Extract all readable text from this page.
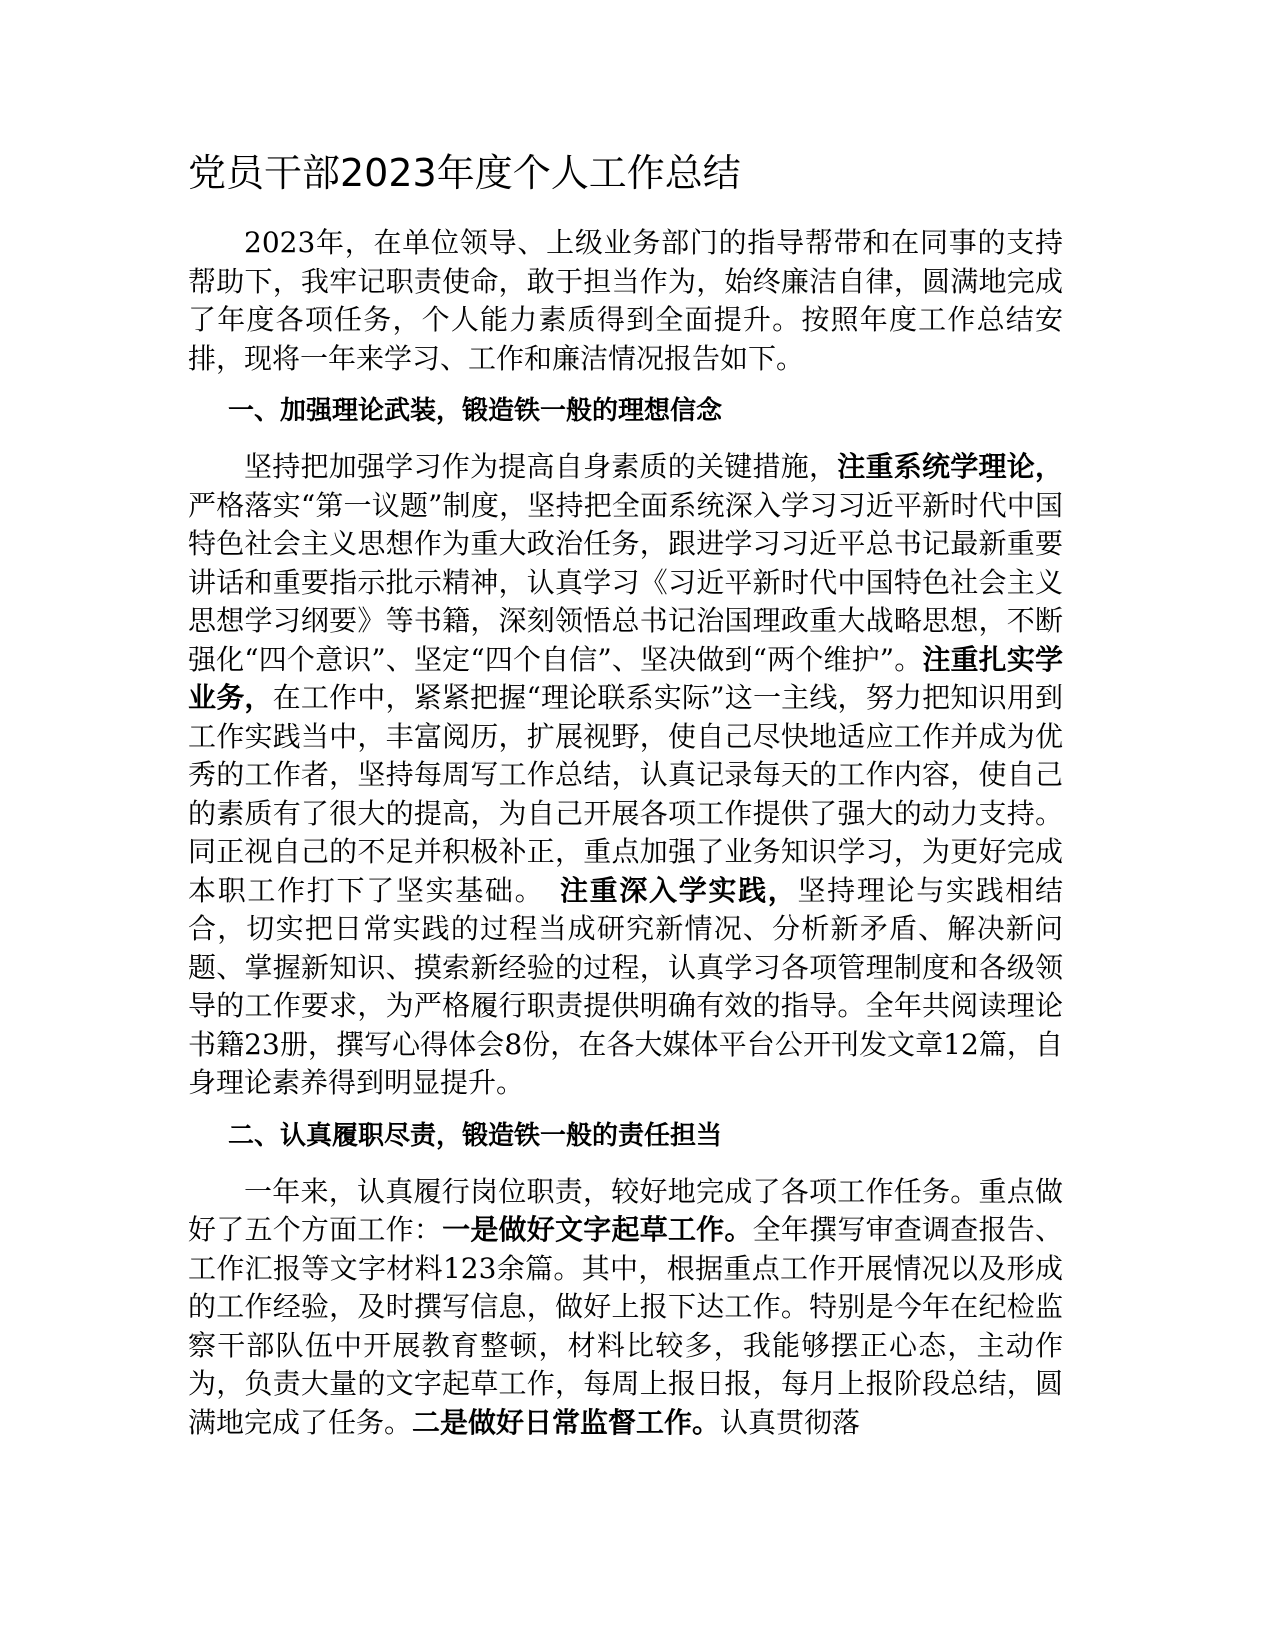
党员干部2023年度个人工作总结

2023年，在单位领导、上级业务部门的指导帮带和在同事的支持帮助下，我牢记职责使命，敢于担当作为，始终廉洁自律，圆满地完成了年度各项任务，个人能力素质得到全面提升。按照年度工作总结安排，现将一年来学习、工作和廉洁情况报告如下。

一、加强理论武装，锻造铁一般的理想信念

坚持把加强学习作为提高自身素质的关键措施，注重系统学理论，严格落实“第一议题”制度，坚持把全面系统深入学习习近平新时代中国特色社会主义思想作为重大政治任务，跟进学习习近平总书记最新重要讲话和重要指示批示精神，认真学习《习近平新时代中国特色社会主义思想学习纲要》等书籍，深刻领悟总书记治国理政重大战略思想，不断强化“四个意识”、坚定“四个自信”、坚决做到“两个维护”。注重扎实学业务，在工作中，紧紧把握“理论联系实际”这一主线，努力把知识用到工作实践当中，丰富阅历，扩展视野，使自己尽快地适应工作并成为优秀的工作者，坚持每周写工作总结，认真记录每天的工作内容，使自己的素质有了很大的提高，为自己开展各项工作提供了强大的动力支持。同正视自己的不足并积极补正，重点加强了业务知识学习，为更好完成本职工作打下了坚实基础。　注重深入学实践，坚持理论与实践相结合，切实把日常实践的过程当成研究新情况、分析新矛盾、解决新问题、掌握新知识、摸索新经验的过程，认真学习各项管理制度和各级领导的工作要求，为严格履行职责提供明确有效的指导。全年共阅读理论书籍23册，撰写心得体会8份，在各大媒体平台公开刊发文章12篇，自身理论素养得到明显提升。

二、认真履职尽责，锻造铁一般的责任担当

一年来，认真履行岗位职责，较好地完成了各项工作任务。重点做好了五个方面工作：一是做好文字起草工作。全年撰写审查调查报告、工作汇报等文字材料123余篇。其中，根据重点工作开展情况以及形成的工作经验，及时撰写信息，做好上报下达工作。特别是今年在纪检监察干部队伍中开展教育整顿，材料比较多，我能够摆正心态，主动作为，负责大量的文字起草工作，每周上报日报，每月上报阶段总结，圆满地完成了任务。二是做好日常监督工作。认真贯彻落
